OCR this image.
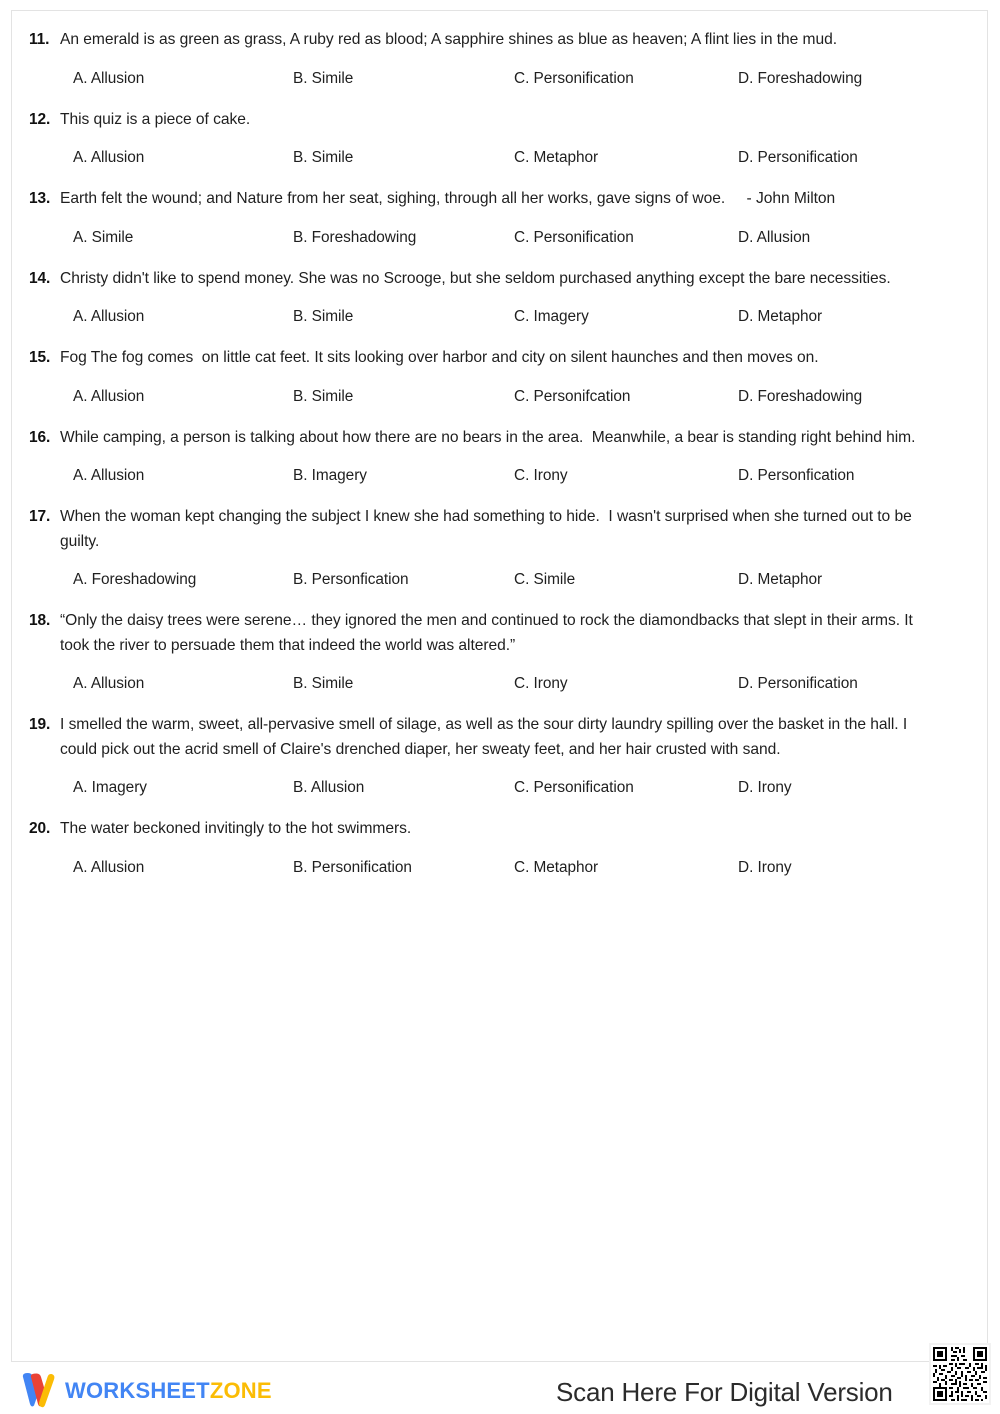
11. An emerald is as green as grass, A ruby red as blood; A sapphire shines as blue as heaven; A flint lies in the mud.
A. Allusion	B. Simile	C. Personification	D. Foreshadowing
12. This quiz is a piece of cake.
A. Allusion	B. Simile	C. Metaphor	D. Personification
13. Earth felt the wound; and Nature from her seat, sighing, through all her works, gave signs of woe.     - John Milton
A. Simile	B. Foreshadowing	C. Personification	D. Allusion
14. Christy didn't like to spend money. She was no Scrooge, but she seldom purchased anything except the bare necessities.
A. Allusion	B. Simile	C. Imagery	D. Metaphor
15. Fog The fog comes  on little cat feet. It sits looking over harbor and city on silent haunches and then moves on.
A. Allusion	B. Simile	C. Personifcation	D. Foreshadowing
16. While camping, a person is talking about how there are no bears in the area.  Meanwhile, a bear is standing right behind him.
A. Allusion	B. Imagery	C. Irony	D. Personfication
17. When the woman kept changing the subject I knew she had something to hide.  I wasn't surprised when she turned out to be guilty.
A. Foreshadowing	B. Personfication	C. Simile	D. Metaphor
18. “Only the daisy trees were serene… they ignored the men and continued to rock the diamondbacks that slept in their arms. It took the river to persuade them that indeed the world was altered.”
A. Allusion	B. Simile	C. Irony	D. Personification
19. I smelled the warm, sweet, all-pervasive smell of silage, as well as the sour dirty laundry spilling over the basket in the hall. I could pick out the acrid smell of Claire's drenched diaper, her sweaty feet, and her hair crusted with sand.
A. Imagery	B. Allusion	C. Personification	D. Irony
20. The water beckoned invitingly to the hot swimmers.
A. Allusion	B. Personification	C. Metaphor	D. Irony
WORKSHEETZONE	Scan Here For Digital Version
